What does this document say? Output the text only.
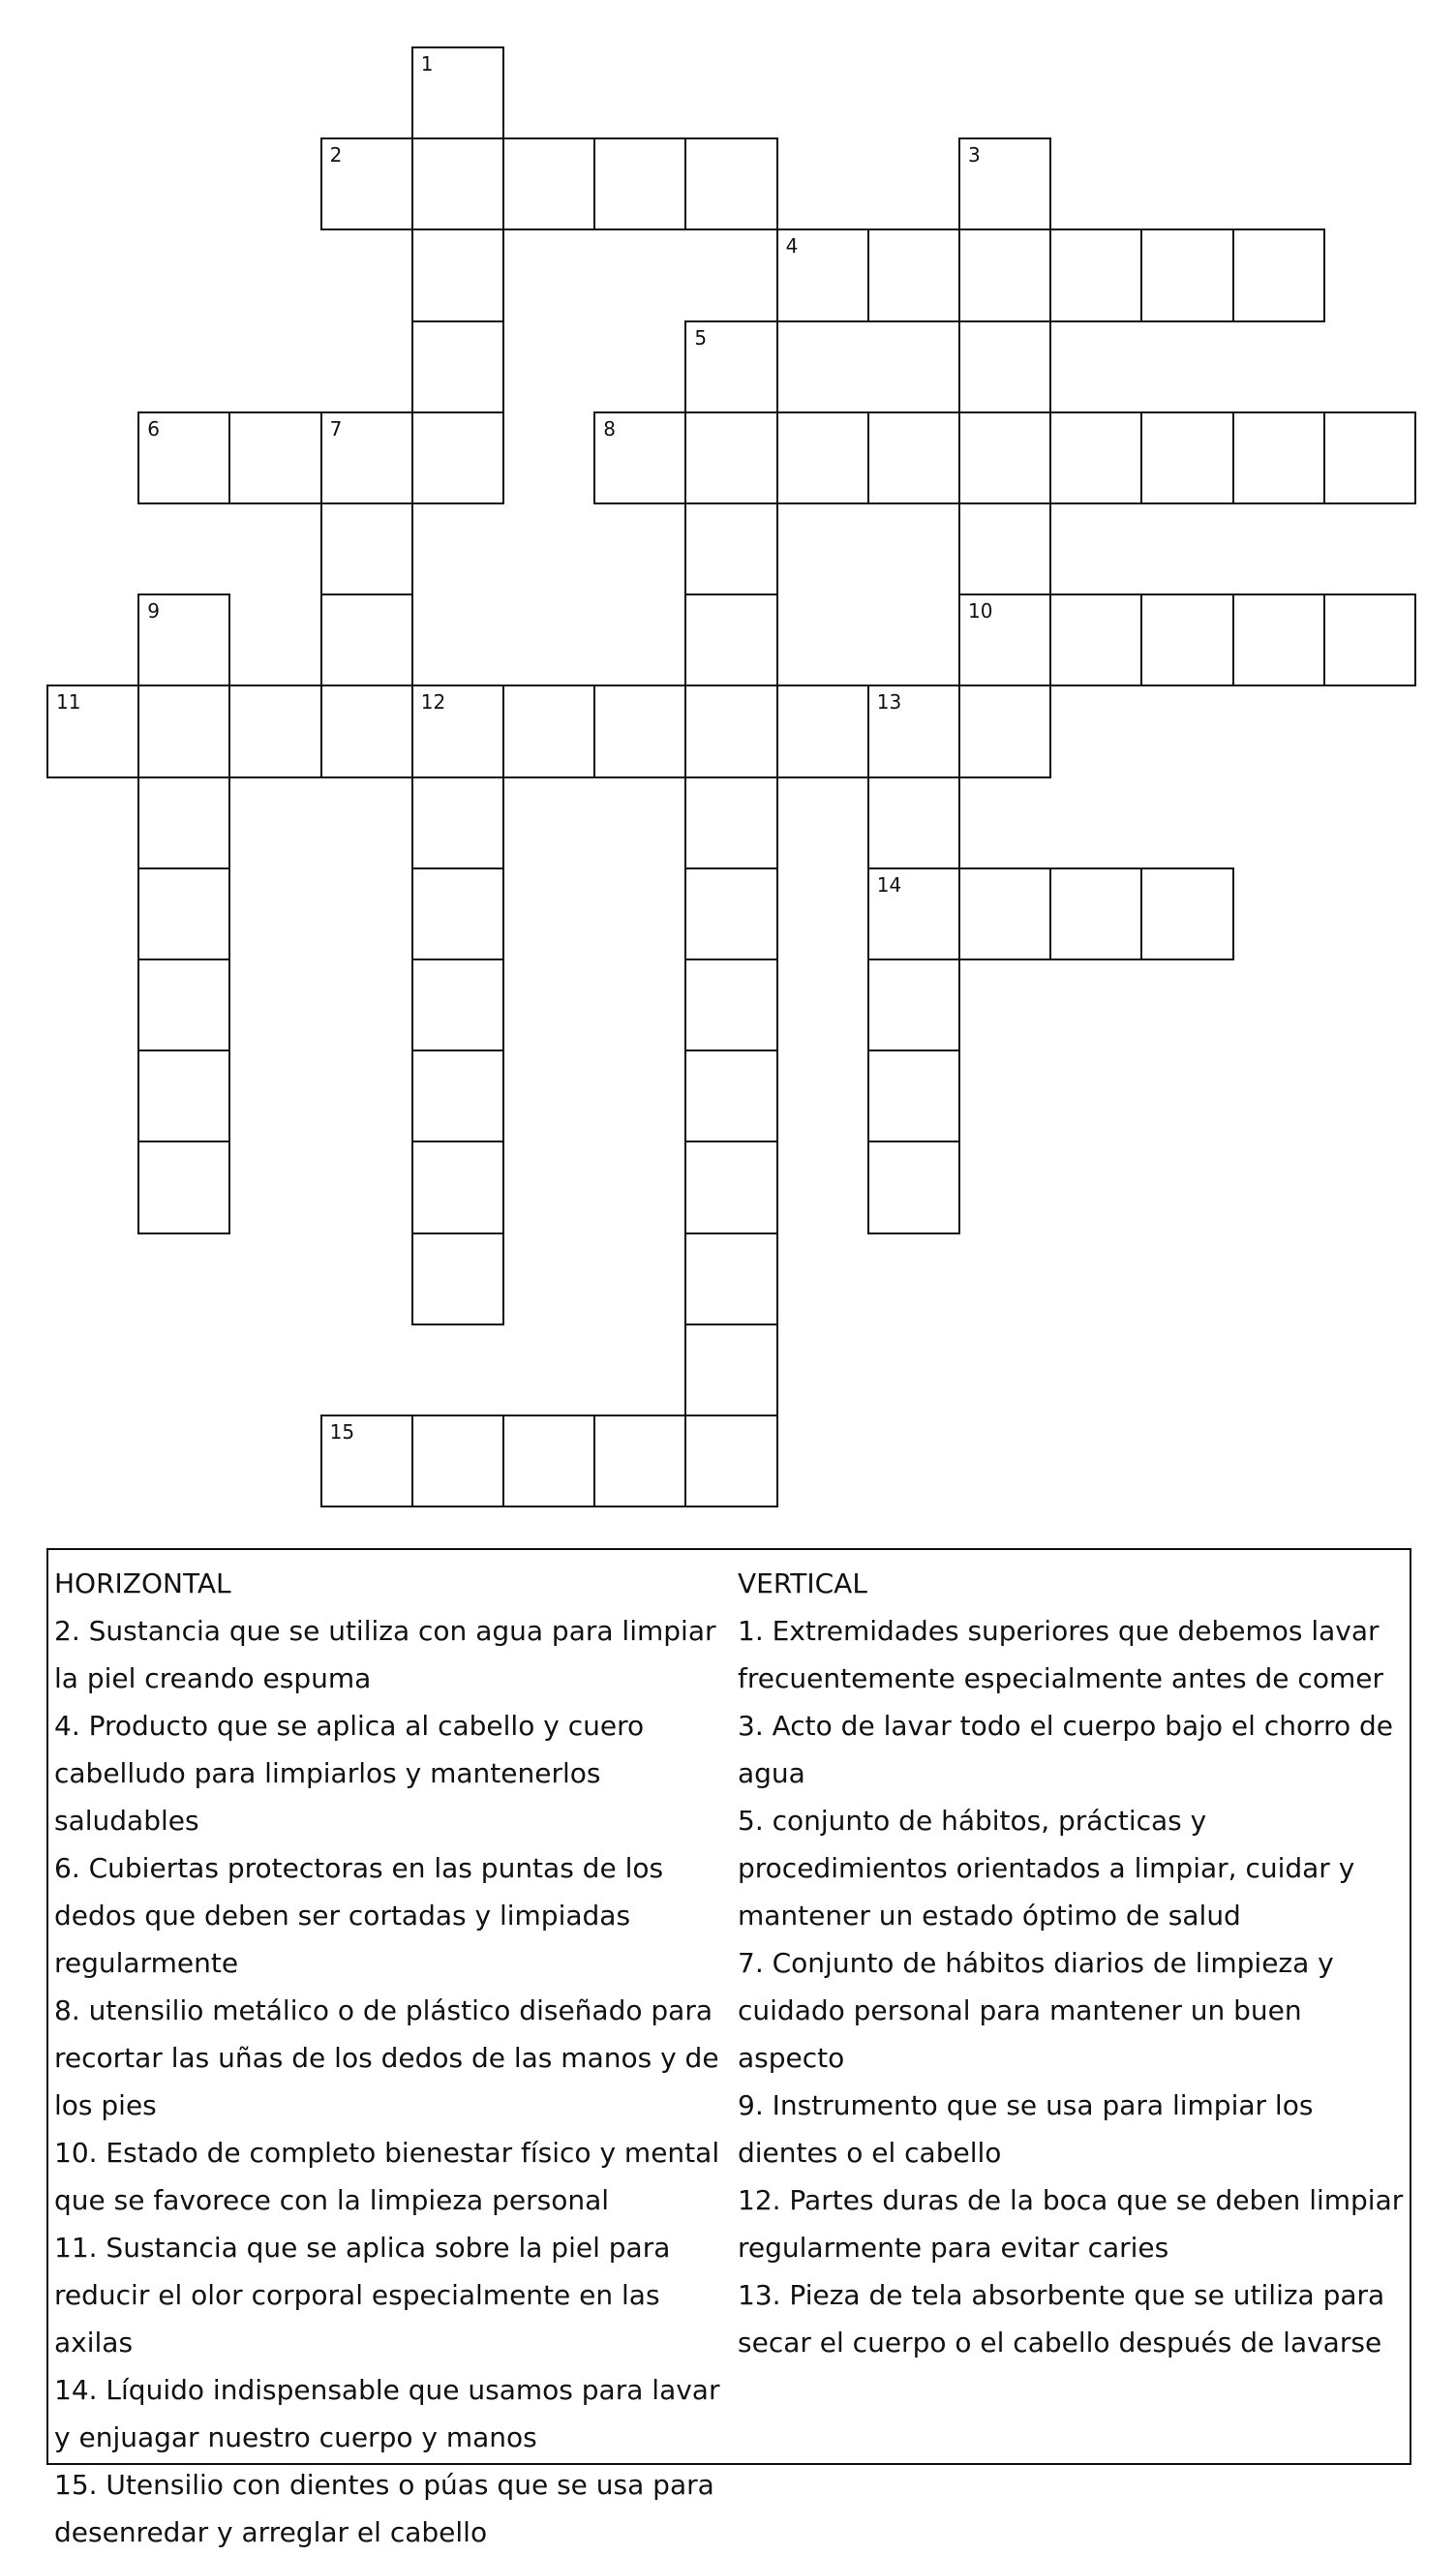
1
2	3
4
5
6	7	8
9	10
11	12	13
14
15
HORIZONTAL
2. Sustancia que se utiliza con agua para limpiar la piel creando espuma
4. Producto que se aplica al cabello y cuero cabelludo para limpiarlos y mantenerlos saludables
6. Cubiertas protectoras en las puntas de los dedos que deben ser cortadas y limpiadas regularmente
8. utensilio metálico o de plástico diseñado para recortar las uñas de los dedos de las manos y de los pies
10. Estado de completo bienestar físico y mental que se favorece con la limpieza personal
11. Sustancia que se aplica sobre la piel para reducir el olor corporal especialmente en las axilas
14. Líquido indispensable que usamos para lavar y enjuagar nuestro cuerpo y manos
15. Utensilio con dientes o púas que se usa para desenredar y arreglar el cabello
VERTICAL
1. Extremidades superiores que debemos lavar frecuentemente especialmente antes de comer
3. Acto de lavar todo el cuerpo bajo el chorro de agua
5. conjunto de hábitos, prácticas y procedimientos orientados a limpiar, cuidar y mantener un estado óptimo de salud
7. Conjunto de hábitos diarios de limpieza y cuidado personal para mantener un buen aspecto
9. Instrumento que se usa para limpiar los dientes o el cabello
12. Partes duras de la boca que se deben limpiar regularmente para evitar caries
13. Pieza de tela absorbente que se utiliza para secar el cuerpo o el cabello después de lavarse
